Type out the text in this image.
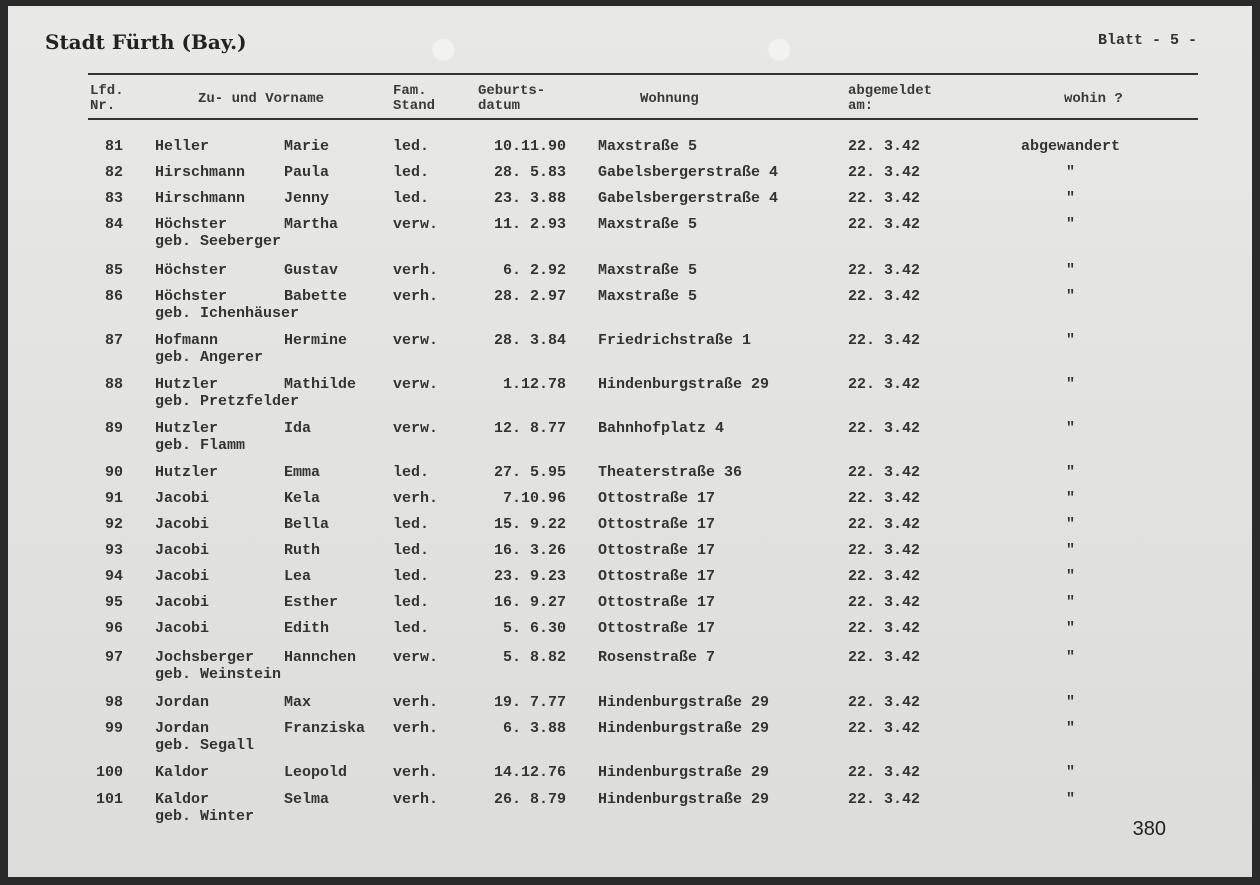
Stadt Fürth (Bay.)	Blatt - 5 -
Lfd.
Nr.	Zu- und Vorname	Fam.
Stand
Geburts-
datum	Wohnung	abgemeldet
am:	wohin ?
81 Heller	Marie	led.	10.11.90 Maxstraße 5	22. 3.42	abgewandert
82 Hirschmann	Paula	led.	28. 5.83 Gabelsbergerstraße 4	22. 3.42	"
83 Hirschmann	Jenny	led.	23. 3.88 Gabelsbergerstraße 4	22. 3.42	"
84 Höchster	Martha	verw.	11. 2.93 Maxstraße 5	22. 3.42	"
geb. Seeberger
85 Höchster	Gustav	verh.	6. 2.92 Maxstraße 5	22. 3.42	"
86 Höchster	Babette	verh.	28. 2.97 Maxstraße 5	22. 3.42	"
geb. Ichenhäuser
87 Hofmann	Hermine	verw.	28. 3.84 Friedrichstraße 1	22. 3.42	"
geb. Angerer
88 Hutzler	Mathilde verw.	1.12.78 Hindenburgstraße 29	22. 3.42	"
geb. Pretzfelder
89 Hutzler	Ida	verw.	12. 8.77 Bahnhofplatz 4	22. 3.42	"
geb. Flamm
90 Hutzler	Emma	led.	27. 5.95 Theaterstraße 36	22. 3.42	"
91 Jacobi	Kela	verh.	7.10.96 Ottostraße 17	22. 3.42	"
92 Jacobi	Bella	led.	15. 9.22 Ottostraße 17	22. 3.42	"
93 Jacobi	Ruth	led.	16. 3.26 Ottostraße 17	22. 3.42	"
94 Jacobi	Lea	led.	23. 9.23 Ottostraße 17	22. 3.42	"
95 Jacobi	Esther	led.	16. 9.27 Ottostraße 17	22. 3.42	"
96 Jacobi	Edith	led.	5. 6.30 Ottostraße 17	22. 3.42	"
97 Jochsberger Hannchen verw.	5. 8.82 Rosenstraße 7	22. 3.42	"
geb. Weinstein
98 Jordan	Max	verh.	19. 7.77 Hindenburgstraße 29	22. 3.42	"
99 Jordan	Franziska verh.	6. 3.88 Hindenburgstraße 29	22. 3.42	"
geb. Segall
100 Kaldor	Leopold	verh.	14.12.76 Hindenburgstraße 29	22. 3.42	"
101 Kaldor	Selma	verh.	26. 8.79 Hindenburgstraße 29	22. 3.42	"
geb. Winter
380
